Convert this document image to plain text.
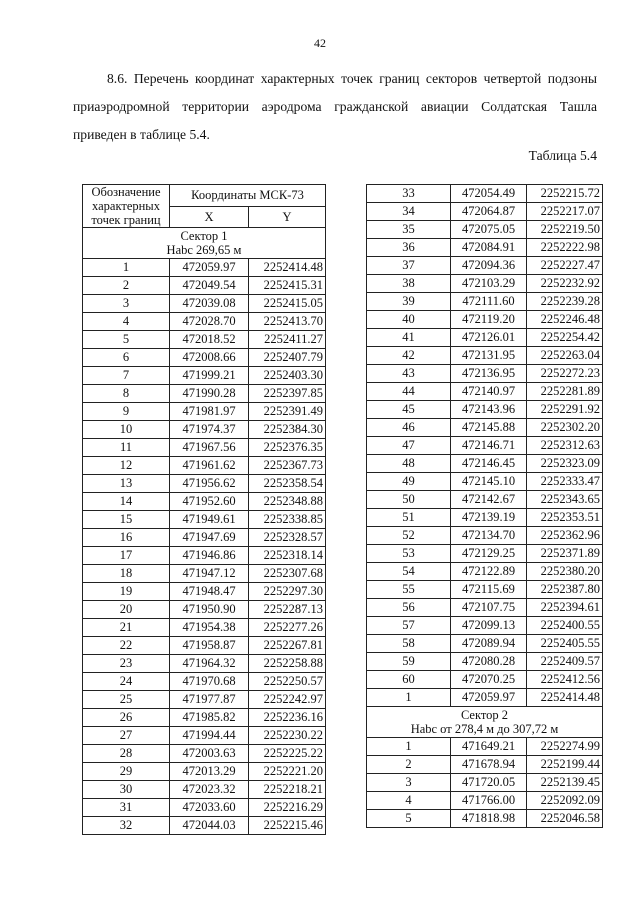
42

8.6. Перечень координат характерных точек границ секторов четвертой подзоны приаэродромной территории аэродрома гражданской авиации Солдатская Ташла приведен в таблице 5.4.

Таблица 5.4
Обозначение характерных точек границ	Координаты МСК-73	
	X	Y

Сектор 1
Нabс 269,65 м		

1	472059.97	2252414.48
2	472049.54	2252415.31
3	472039.08	2252415.05
4	472028.70	2252413.70
5	472018.52	2252411.27
6	472008.66	2252407.79
7	471999.21	2252403.30
8	471990.28	2252397.85
9	471981.97	2252391.49
10	471974.37	2252384.30
11	471967.56	2252376.35
12	471961.62	2252367.73
13	471956.62	2252358.54
14	471952.60	2252348.88
15	471949.61	2252338.85
16	471947.69	2252328.57
17	471946.86	2252318.14
18	471947.12	2252307.68
19	471948.47	2252297.30
20	471950.90	2252287.13
21	471954.38	2252277.26
22	471958.87	2252267.81
23	471964.32	2252258.88
24	471970.68	2252250.57
25	471977.87	2252242.97
26	471985.82	2252236.16
27	471994.44	2252230.22
28	472003.63	2252225.22
29	472013.29	2252221.20
30	472023.32	2252218.21
31	472033.60	2252216.29
32	472044.03	2252215.46
33	472054.49	2252215.72
34	472064.87	2252217.07
35	472075.05	2252219.50
36	472084.91	2252222.98
37	472094.36	2252227.47
38	472103.29	2252232.92
39	472111.60	2252239.28
40	472119.20	2252246.48
41	472126.01	2252254.42
42	472131.95	2252263.04
43	472136.95	2252272.23
44	472140.97	2252281.89
45	472143.96	2252291.92
46	472145.88	2252302.20
47	472146.71	2252312.63
48	472146.45	2252323.09
49	472145.10	2252333.47
50	472142.67	2252343.65
51	472139.19	2252353.51
52	472134.70	2252362.96
53	472129.25	2252371.89
54	472122.89	2252380.20
55	472115.69	2252387.80
56	472107.75	2252394.61
57	472099.13	2252400.55
58	472089.94	2252405.55
59	472080.28	2252409.57
60	472070.25	2252412.56
1	472059.97	2252414.48

Сектор 2
Нabс от 278,4 м до 307,72 м		

1	471649.21	2252274.99
2	471678.94	2252199.44
3	471720.05	2252139.45
4	471766.00	2252092.09
5	471818.98	2252046.58
